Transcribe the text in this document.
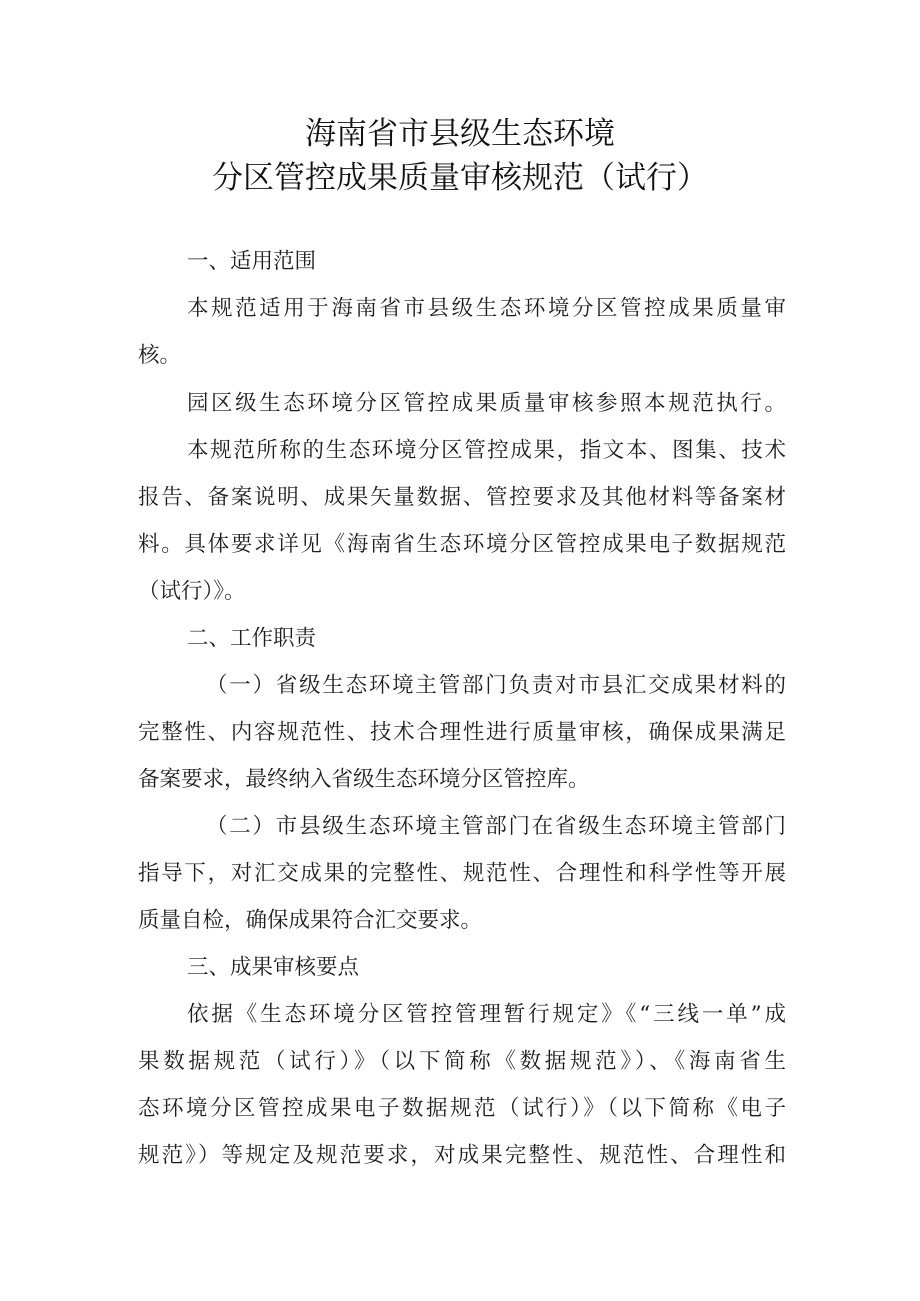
海南省市县级生态环境
分区管控成果质量审核规范（试行）
一、适用范围
本规范适用于海南省市县级生态环境分区管控成果质量审
核。
园区级生态环境分区管控成果质量审核参照本规范执行。
本规范所称的生态环境分区管控成果，指文本、图集、技术
报告、备案说明、成果矢量数据、管控要求及其他材料等备案材
料。具体要求详见《海南省生态环境分区管控成果电子数据规范
（试行）》。
二、工作职责
（一）省级生态环境主管部门负责对市县汇交成果材料的
完整性、内容规范性、技术合理性进行质量审核，确保成果满足
备案要求，最终纳入省级生态环境分区管控库。
（二）市县级生态环境主管部门在省级生态环境主管部门
指导下，对汇交成果的完整性、规范性、合理性和科学性等开展
质量自检，确保成果符合汇交要求。
三、成果审核要点
依据《生态环境分区管控管理暂行规定》《“三线一单”成
果数据规范（试行）》（以下简称《数据规范》）、《海南省生
态环境分区管控成果电子数据规范（试行）》（以下简称《电子
规范》）等规定及规范要求，对成果完整性、规范性、合理性和
